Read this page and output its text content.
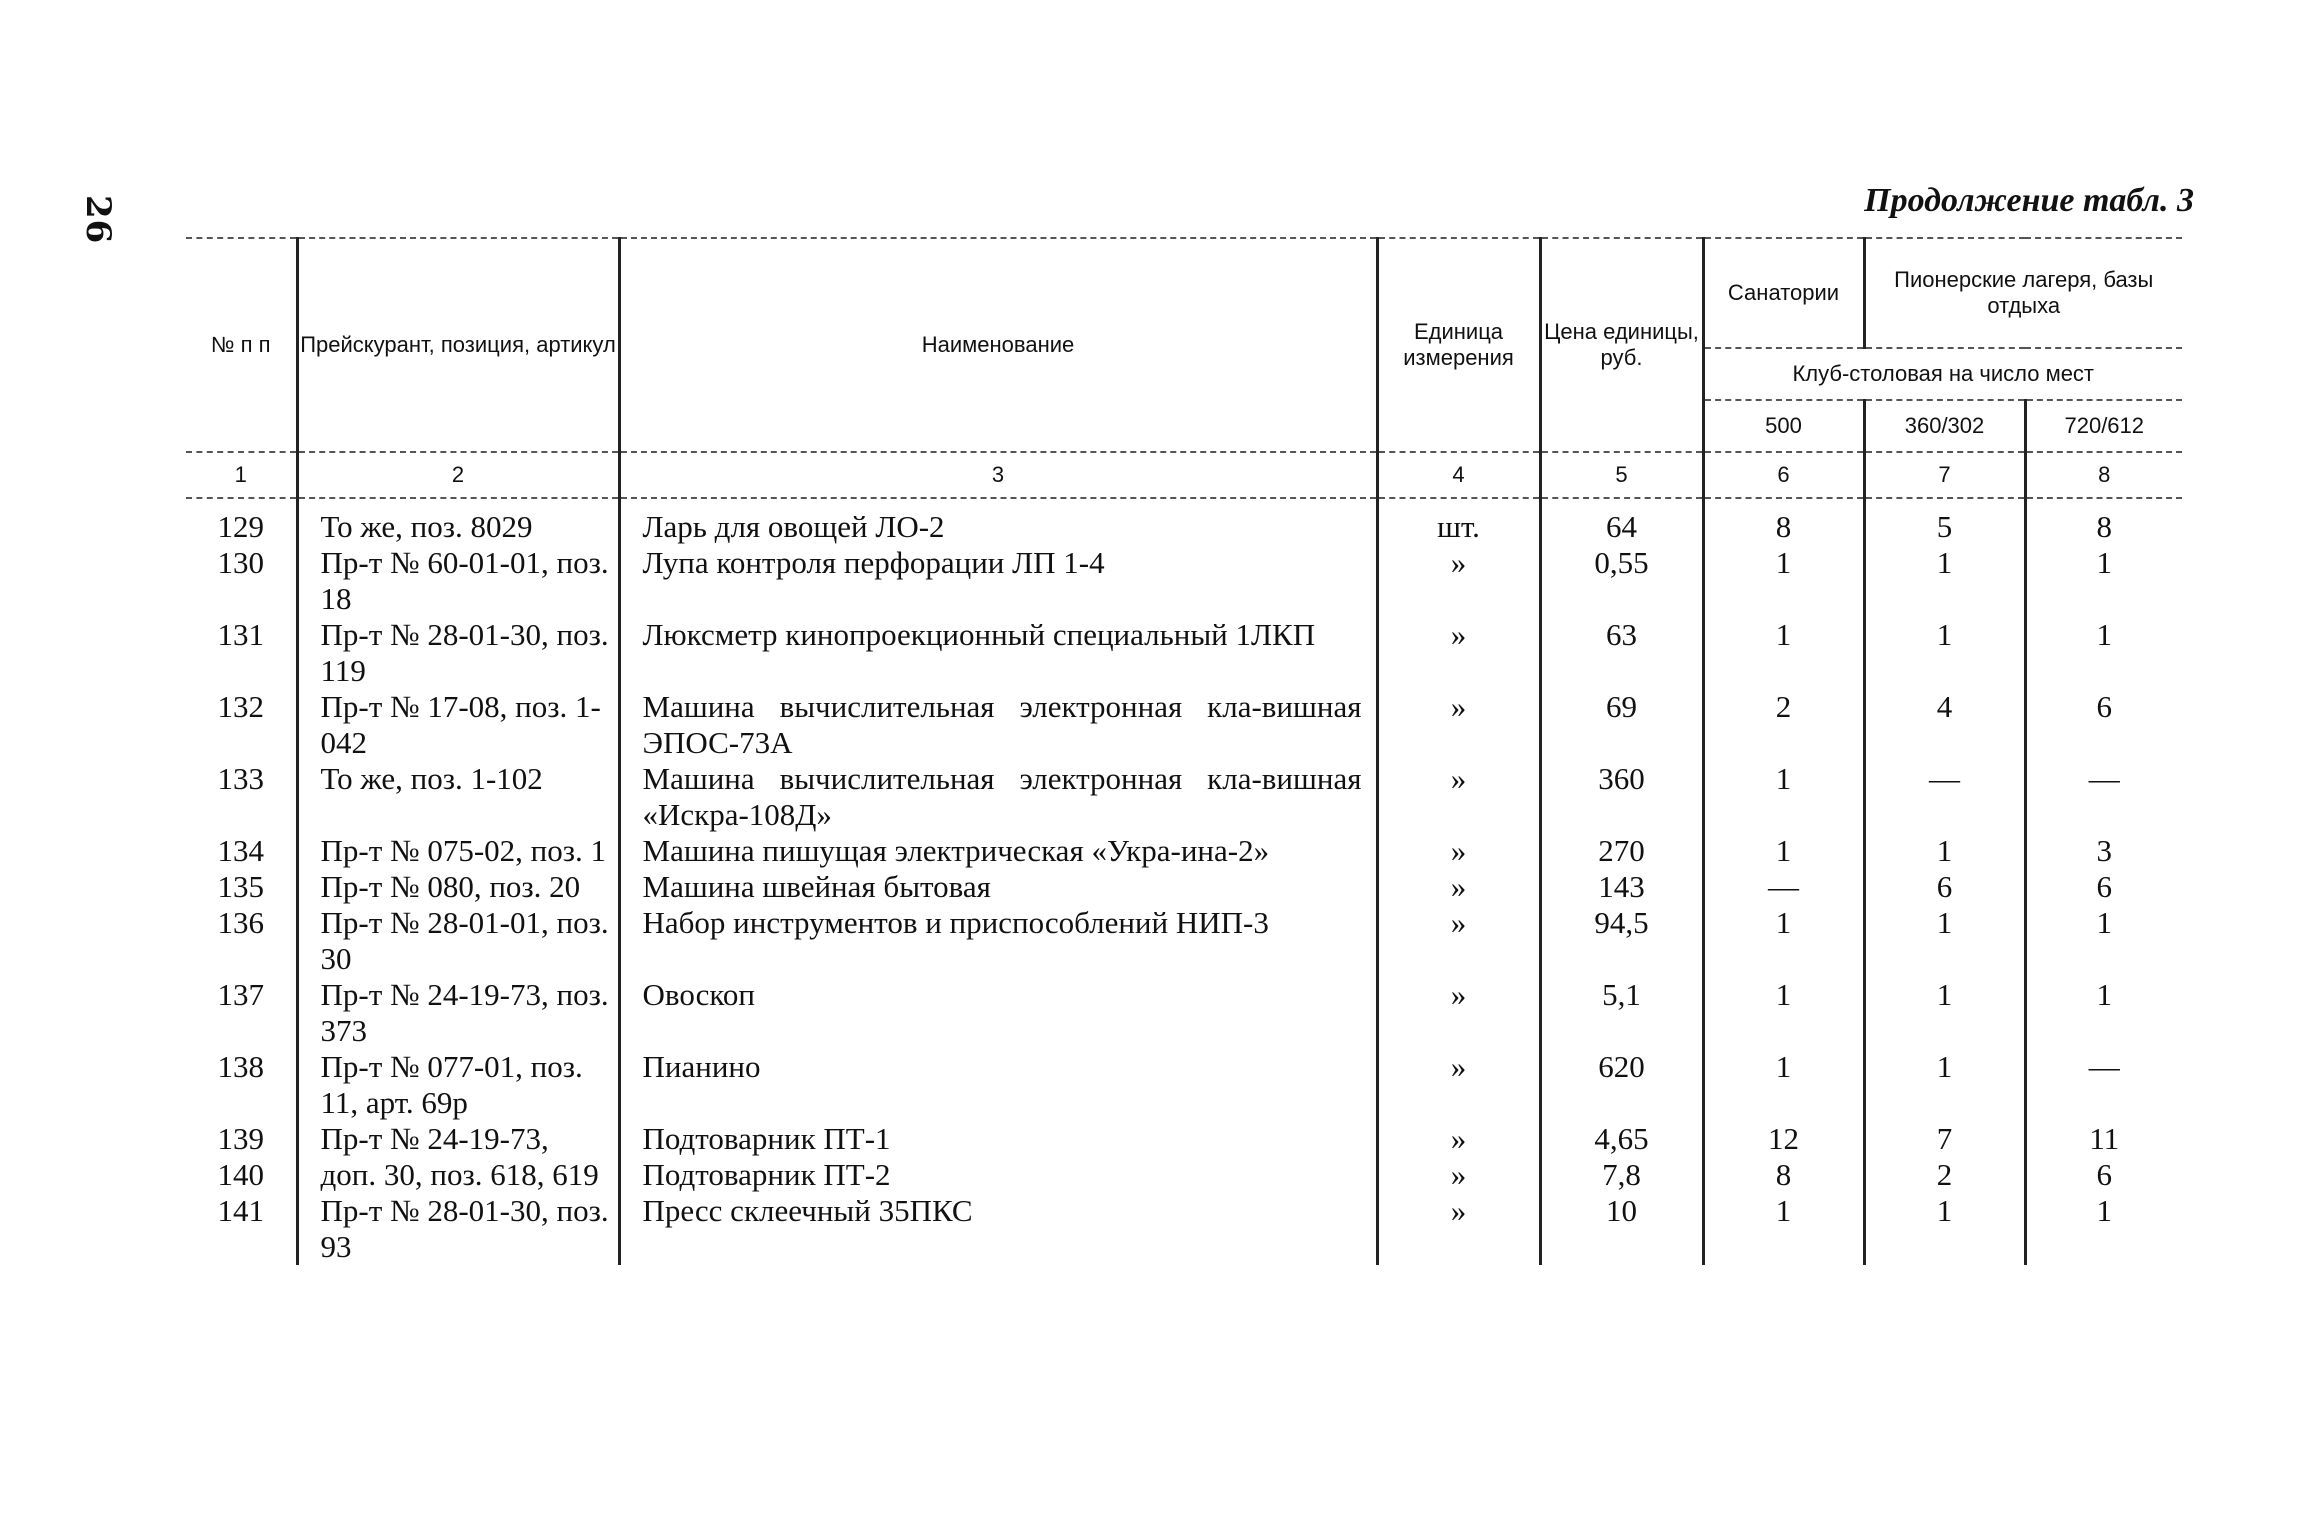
26	Продолжение табл. 3
№ п п	Прейскурант, позиция, артикул	Наименование	Единица измерения	Цена единицы, руб.	Санатории	Пионерские лагеря, базы отдыха	
					Клуб-столовая на число мест		
					500	360/302	720/612
1	2	3	4	5	6	7	8

129	То же, поз. 8029	Ларь для овощей ЛО-2	шт.	64	8	5	8
130	Пр-т № 60-01-01, поз. 18	Лупа контроля перфорации ЛП 1-4	»	0,55	1	1	1
131	Пр-т № 28-01-30, поз. 119	Люксметр кинопроекционный специальный 1ЛКП	»	63	1	1	1
132	Пр-т № 17-08, поз. 1-042	Машина вычислительная электронная кла-вишная ЭПОС-73А	»	69	2	4	6
133	То же, поз. 1-102	Машина вычислительная электронная кла-вишная «Искра-108Д»	»	360	1	—	—
134	Пр-т № 075-02, поз. 1	Машина пишущая электрическая «Укра-ина-2»	»	270	1	1	3
135	Пр-т № 080, поз. 20	Машина швейная бытовая	»	143	—	6	6
136	Пр-т № 28-01-01, поз. 30	Набор инструментов и приспособлений НИП-3	»	94,5	1	1	1
137	Пр-т № 24-19-73, поз. 373	Овоскоп	»	5,1	1	1	1
138	Пр-т № 077-01, поз. 11, арт. 69р	Пианино	»	620	1	1	—
139	Пр-т № 24-19-73,	Подтоварник ПТ-1	»	4,65	12	7	11
140	доп. 30, поз. 618, 619	Подтоварник ПТ-2	»	7,8	8	2	6
141	Пр-т № 28-01-30, поз. 93	Пресс склеечный 35ПКС	»	10	1	1	1
